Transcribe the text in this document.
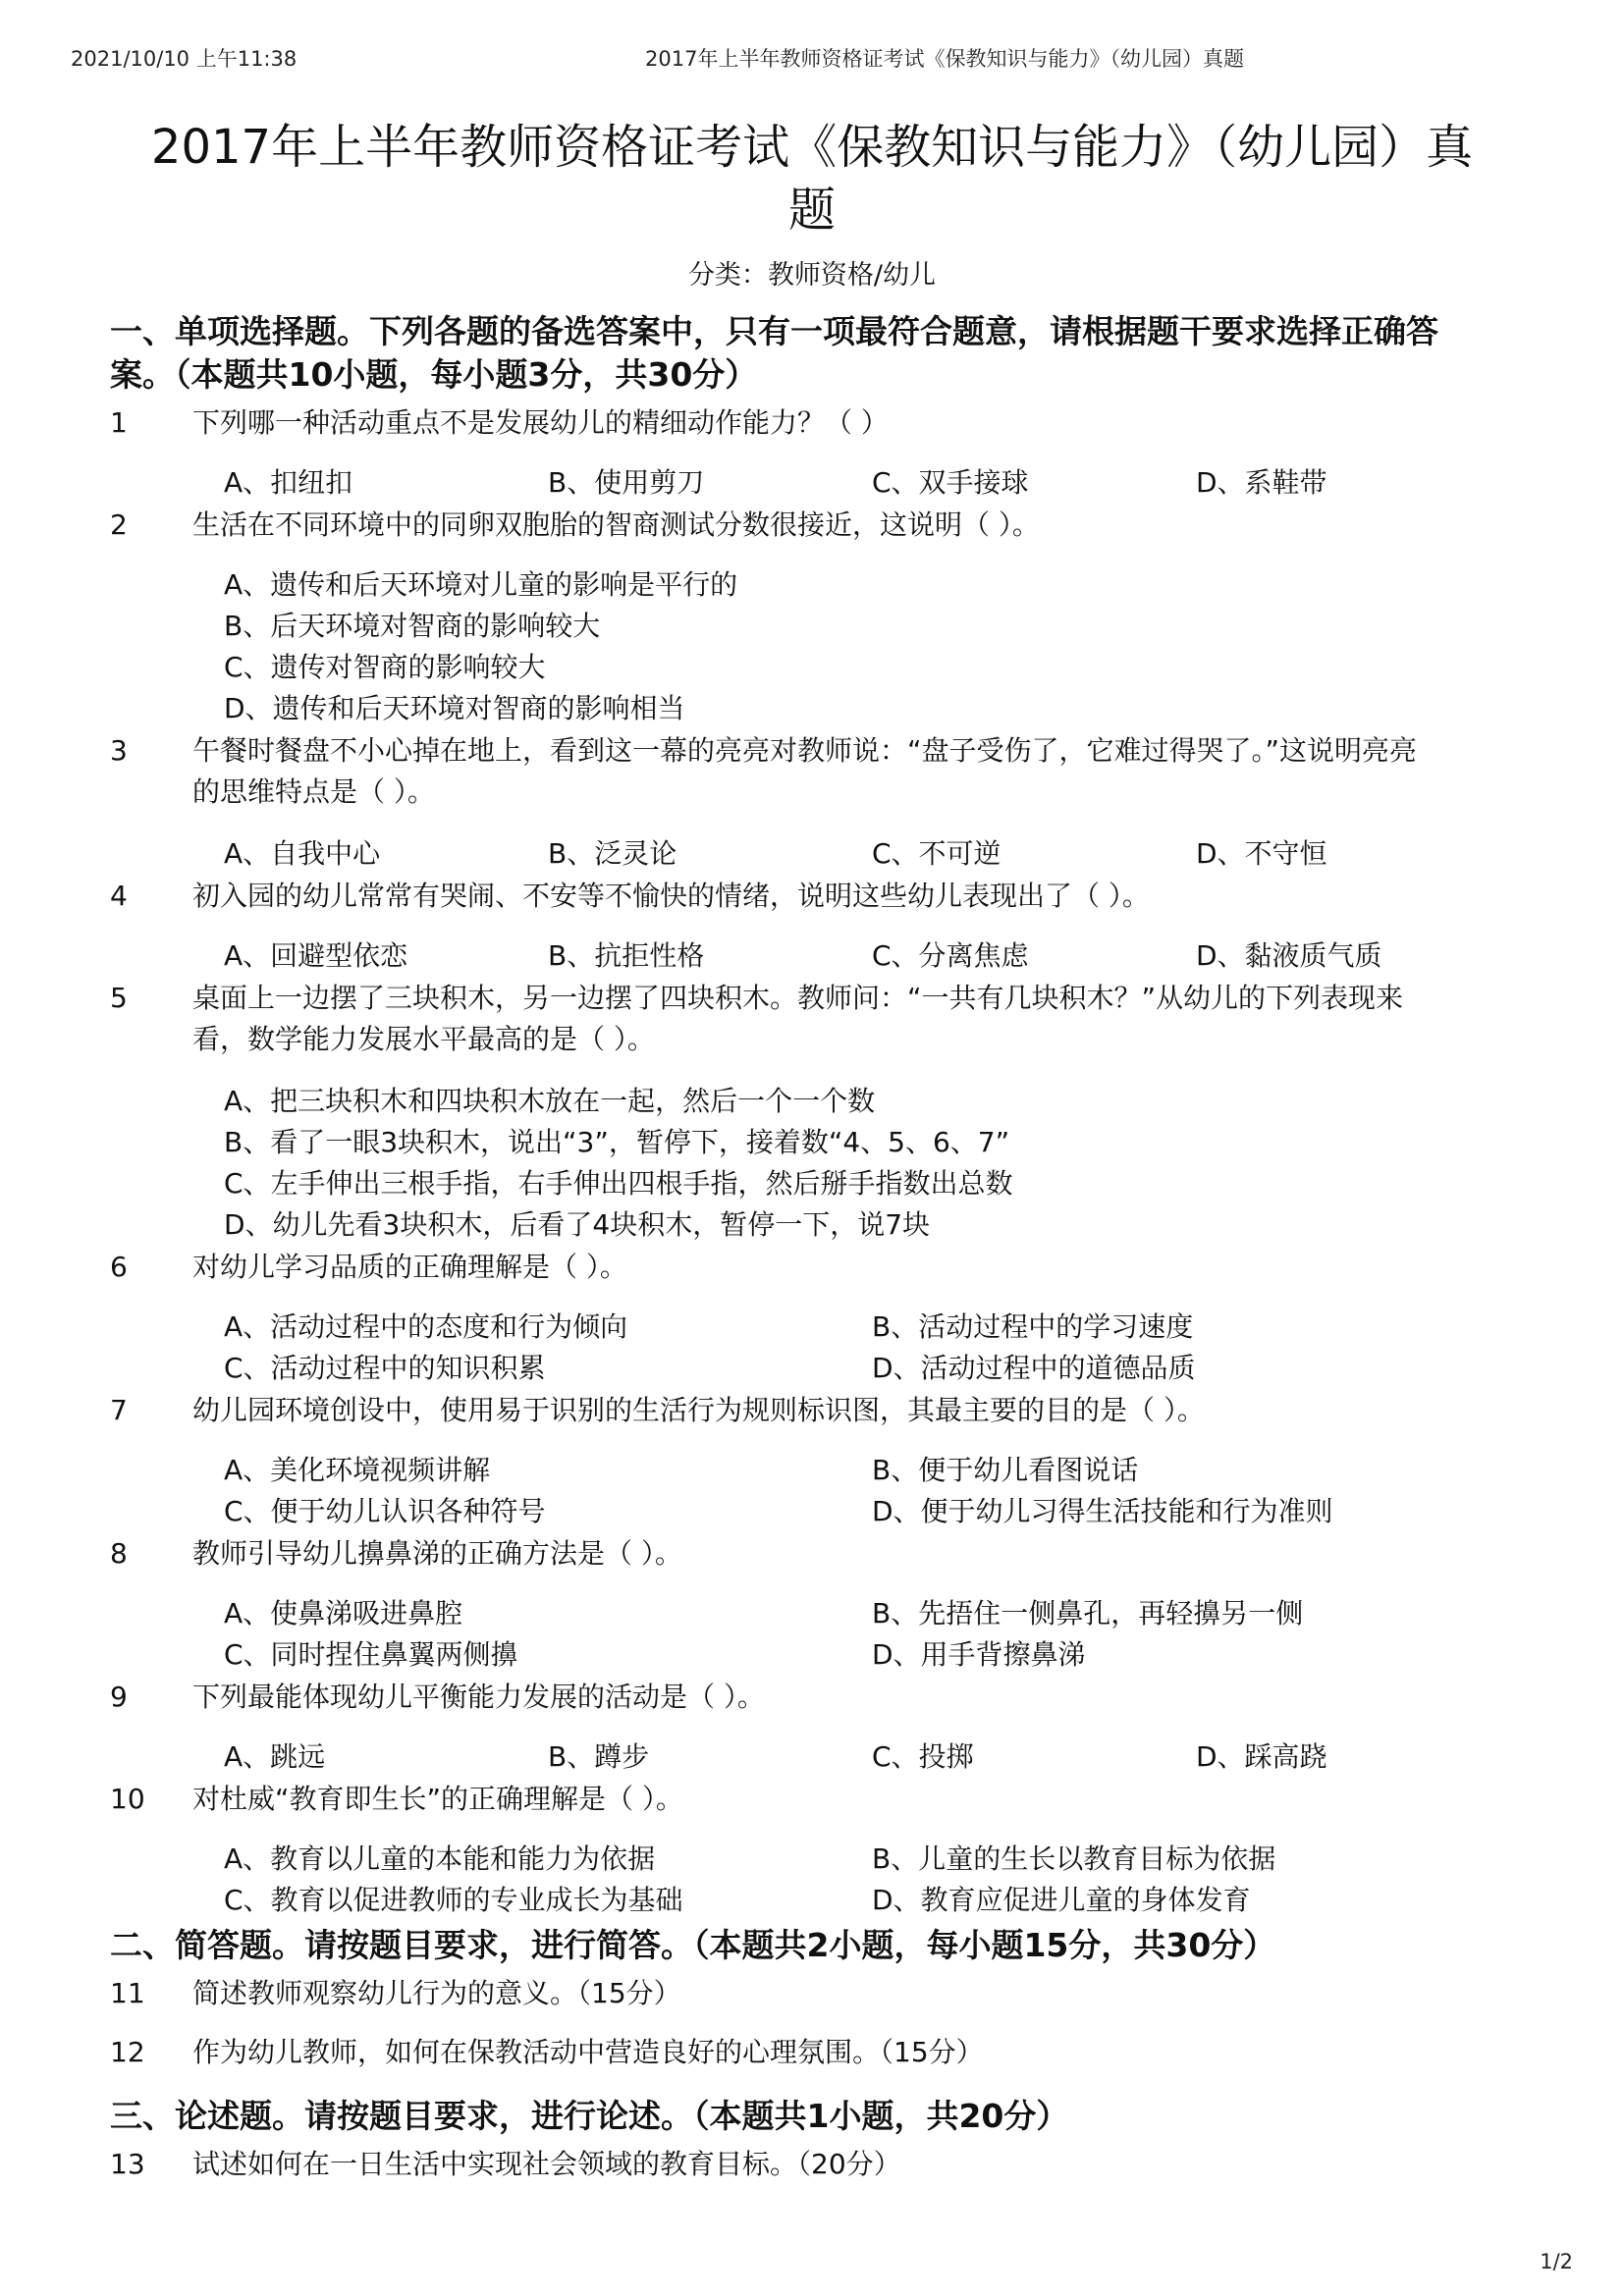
2021/10/10 上午11:38	2017年上半年教师资格证考试《保教知识与能力》（幼儿园）真题
2017年上半年教师资格证考试《保教知识与能力》（幼儿园）真
题
分类：教师资格/幼儿
一、单项选择题。下列各题的备选答案中，只有一项最符合题意，请根据题干要求选择正确答
案。（本题共10小题，每小题3分，共30分）
1 下列哪一种活动重点不是发展幼儿的精细动作能力？（ ）
A、扣纽扣	B、使用剪刀	C、双手接球	D、系鞋带
2 生活在不同环境中的同卵双胞胎的智商测试分数很接近，这说明（ ）。
A、遗传和后天环境对儿童的影响是平行的
B、后天环境对智商的影响较大
C、遗传对智商的影响较大
D、遗传和后天环境对智商的影响相当
3 午餐时餐盘不小心掉在地上，看到这一幕的亮亮对教师说：“盘子受伤了，它难过得哭了。”这说明亮亮
的思维特点是（ ）。
A、自我中心	B、泛灵论	C、不可逆	D、不守恒
4 初入园的幼儿常常有哭闹、不安等不愉快的情绪，说明这些幼儿表现出了（ ）。
A、回避型依恋	B、抗拒性格	C、分离焦虑	D、黏液质气质
5 桌面上一边摆了三块积木，另一边摆了四块积木。教师问：“一共有几块积木？”从幼儿的下列表现来
看，数学能力发展水平最高的是（ ）。
A、把三块积木和四块积木放在一起，然后一个一个数
B、看了一眼3块积木，说出“3”，暂停下，接着数“4、5、6、7”
C、左手伸出三根手指，右手伸出四根手指，然后掰手指数出总数
D、幼儿先看3块积木，后看了4块积木，暂停一下，说7块
6 对幼儿学习品质的正确理解是（ ）。
A、活动过程中的态度和行为倾向	B、活动过程中的学习速度
C、活动过程中的知识积累	D、活动过程中的道德品质
7 幼儿园环境创设中，使用易于识别的生活行为规则标识图，其最主要的目的是（ ）。
A、美化环境视频讲解	B、便于幼儿看图说话
C、便于幼儿认识各种符号	D、便于幼儿习得生活技能和行为准则
8 教师引导幼儿擤鼻涕的正确方法是（ ）。
A、使鼻涕吸进鼻腔	B、先捂住一侧鼻孔，再轻擤另一侧
C、同时捏住鼻翼两侧擤	D、用手背擦鼻涕
9 下列最能体现幼儿平衡能力发展的活动是（ ）。
A、跳远	B、蹲步	C、投掷	D、踩高跷
10 对杜威“教育即生长”的正确理解是（ ）。
A、教育以儿童的本能和能力为依据	B、儿童的生长以教育目标为依据
C、教育以促进教师的专业成长为基础	D、教育应促进儿童的身体发育
二、简答题。请按题目要求，进行简答。（本题共2小题，每小题15分，共30分）
11 简述教师观察幼儿行为的意义。（15分）
12 作为幼儿教师，如何在保教活动中营造良好的心理氛围。（15分）
三、论述题。请按题目要求，进行论述。（本题共1小题，共20分）
13 试述如何在一日生活中实现社会领域的教育目标。（20分）
1/2
